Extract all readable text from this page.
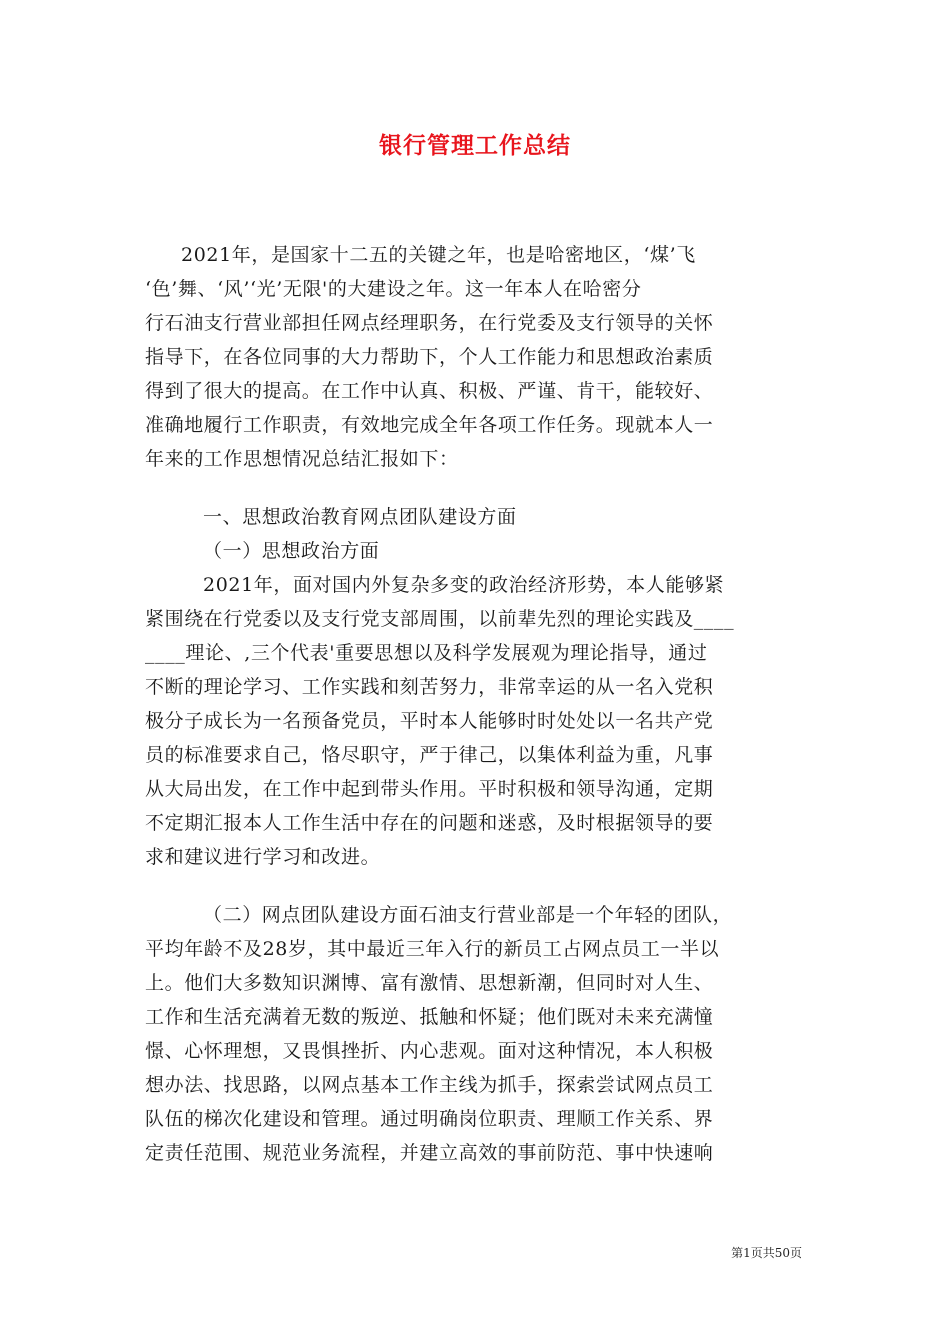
银行管理工作总结
2021年，是国家十二五的关键之年，也是哈密地区，‘煤’飞
‘色’舞、‘风’‘光’无限'的大建设之年。这一年本人在哈密分
行石油支行营业部担任网点经理职务，在行党委及支行领导的关怀
指导下，在各位同事的大力帮助下，个人工作能力和思想政治素质
得到了很大的提高。在工作中认真、积极、严谨、肯干，能较好、
准确地履行工作职责，有效地完成全年各项工作任务。现就本人一
年来的工作思想情况总结汇报如下：
一、思想政治教育网点团队建设方面
（一）思想政治方面
2021年，面对国内外复杂多变的政治经济形势，本人能够紧
紧围绕在行党委以及支行党支部周围，以前辈先烈的理论实践及____
____理论、,三个代表'重要思想以及科学发展观为理论指导，通过
不断的理论学习、工作实践和刻苦努力，非常幸运的从一名入党积
极分子成长为一名预备党员，平时本人能够时时处处以一名共产党
员的标准要求自己，恪尽职守，严于律己，以集体利益为重，凡事
从大局出发，在工作中起到带头作用。平时积极和领导沟通，定期
不定期汇报本人工作生活中存在的问题和迷惑，及时根据领导的要
求和建议进行学习和改进。
（二）网点团队建设方面石油支行营业部是一个年轻的团队，
平均年龄不及28岁，其中最近三年入行的新员工占网点员工一半以
上。他们大多数知识渊博、富有激情、思想新潮，但同时对人生、
工作和生活充满着无数的叛逆、抵触和怀疑；他们既对未来充满憧
憬、心怀理想，又畏惧挫折、内心悲观。面对这种情况，本人积极
想办法、找思路，以网点基本工作主线为抓手，探索尝试网点员工
队伍的梯次化建设和管理。通过明确岗位职责、理顺工作关系、界
定责任范围、规范业务流程，并建立高效的事前防范、事中快速响
第1页共50页
